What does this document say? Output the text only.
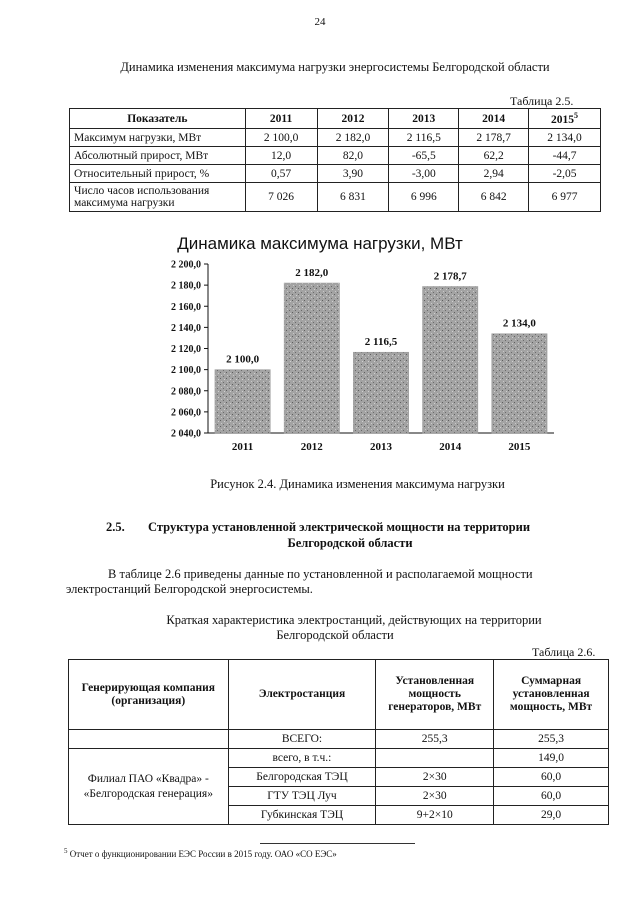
24
Динамика изменения максимума нагрузки энергосистемы Белгородской области
Таблица 2.5.
Показатель	2011	2012	2013	2014	2015$^5$
Максимум нагрузки, МВт	2 100,0	2 182,0	2 116,5	2 178,7	2 134,0
Абсолютный прирост, МВт	12,0	82,0	-65,5	62,2	-44,7
Относительный прирост, %	0,57	3,90	-3,00	2,94	-2,05
Число часов использования максимума нагрузки	7 026	6 831	6 996	6 842	6 977
Динамика максимума нагрузки, МВт
2 040,0
2 060,0
2 080,0
2 100,0
2 120,0
2 140,0
2 160,0
2 180,0
2 200,0
2 100,0
2011
2 182,0
2012
2 116,5
2013
2 178,7
2014
2 134,0
2015
Рисунок 2.4. Динамика изменения максимума нагрузки
2.5. Структура установленной электрической мощности на территории
Белгородской области
В таблице 2.6 приведены данные по установленной и располагаемой мощности
электростанций Белгородской энергосистемы.
Краткая характеристика электростанций, действующих на территории
Белгородской области
Таблица 2.6.
Генерирующая компания (организация)	Электростанция	Установленная мощность генераторов, МВт	Суммарная установленная мощность, МВт
	ВСЕГО:	255,3	255,3
Филиал ПАО «Квадра» - «Белгородская генерация»	всего, в т.ч.:		149,0
	Белгородская ТЭЦ	2×30	60,0
	ГТУ ТЭЦ Луч	2×30	60,0
	Губкинская ТЭЦ	9+2×10	29,0
$^5$ Отчет о функционировании ЕЭС России в 2015 году. ОАО «СО ЕЭС»
